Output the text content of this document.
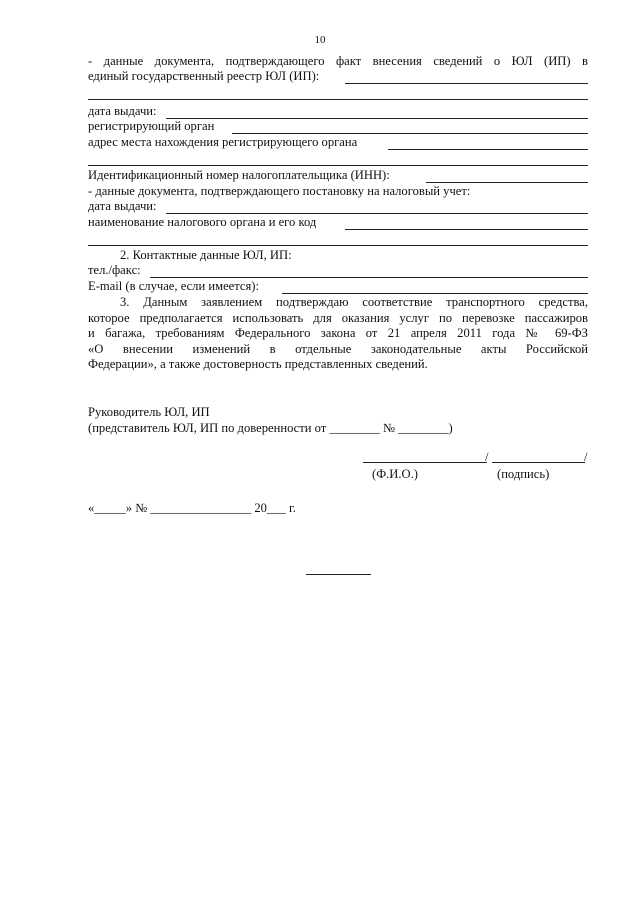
10
- данные документа, подтверждающего факт внесения сведений о ЮЛ (ИП) в
единый государственный реестр ЮЛ (ИП):
дата выдачи:
регистрирующий орган
адрес места нахождения регистрирующего органа
Идентификационный номер налогоплательщика (ИНН):
- данные документа, подтверждающего постановку на налоговый учет:
дата выдачи:
наименование налогового органа и его код
2. Контактные данные ЮЛ, ИП:
тел./факс:
E-mail (в случае, если имеется):
3. Данным заявлением подтверждаю соответствие транспортного средства,
которое предполагается использовать для оказания услуг по перевозке пассажиров
и багажа, требованиям Федерального закона от 21 апреля 2011 года № 69-ФЗ
«О внесении изменений в отдельные законодательные акты Российской
Федерации», а также достоверность представленных сведений.
Руководитель ЮЛ, ИП
(представитель ЮЛ, ИП по доверенности от ________ № ________)
/	/
(Ф.И.О.)	(подпись)
«_____» № ________________ 20___ г.
